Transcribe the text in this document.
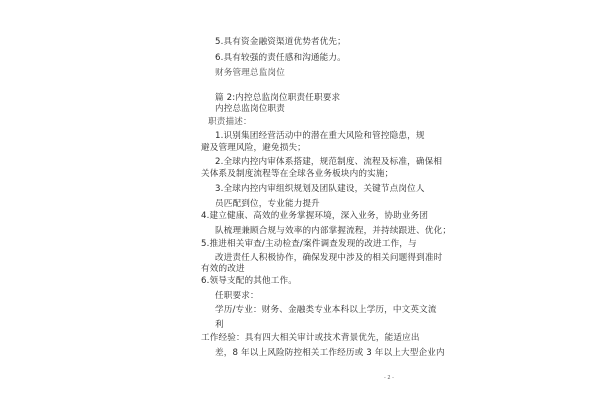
5.具有资金融资渠道优势者优先；
6.具有较强的责任感和沟通能力。
财务管理总监岗位
篇 2:内控总监岗位职责任职要求
内控总监岗位职责
职责描述：
1.识别集团经营活动中的潜在重大风险和管控隐患，规
避及管理风险，避免损失；
2.全球内控内审体系搭建，规范制度、流程及标准，确保相
关体系及制度流程等在全球各业务板块内的实施；
3.全球内控内审组织规划及团队建设，关键节点岗位人
员匹配到位，专业能力提升
4.建立健康、高效的业务掌握环境，深入业务，协助业务团
队梳理兼顾合规与效率的内部掌握流程，并持续跟进、优化；
5.推进相关审查/主动检查/案件调查发现的改进工作，与
改进责任人积极协作，确保发现中涉及的相关问题得到准时
有效的改进
6.领导支配的其他工作。
任职要求：
学历/专业：财务、金融类专业本科以上学历，中文英文流
利
工作经验：具有四大相关审计或技术背景优先，能适应出
差，8 年以上风险防控相关工作经历或 3 年以上大型企业内
- 2 -
